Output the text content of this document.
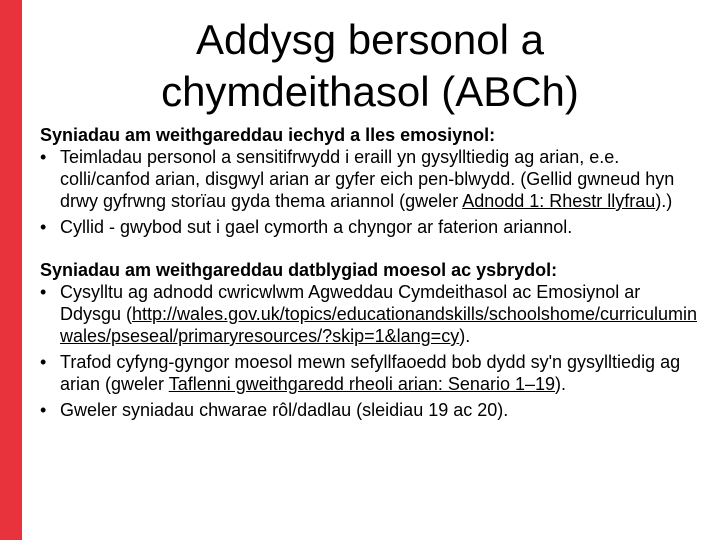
Addysg bersonol a
chymdeithasol (ABCh)

Syniadau am weithgareddau iechyd a lles emosiynol:

• Teimladau personol a sensitifrwydd i eraill yn gysylltiedig ag arian, e.e. colli/canfod arian, disgwyl arian ar gyfer eich pen-blwydd. (Gellid gwneud hyn drwy gyfrwng storïau gyda thema ariannol (gweler Adnodd 1: Rhestr llyfrau).)
• Cyllid - gwybod sut i gael cymorth a chyngor ar faterion ariannol.

Syniadau am weithgareddau datblygiad moesol ac ysbrydol:

• Cysylltu ag adnodd cwricwlwm Agweddau Cymdeithasol ac Emosiynol ar Ddysgu (http://wales.gov.uk/topics/educationandskills/schoolshome/curriculuminwales/pseseal/primaryresources/?skip=1&lang=cy).
• Trafod cyfyng-gyngor moesol mewn sefyllfaoedd bob dydd sy'n gysylltiedig ag arian (gweler Taflenni gweithgaredd rheoli arian: Senario 1–19).
• Gweler syniadau chwarae rôl/dadlau (sleidiau 19 ac 20).
